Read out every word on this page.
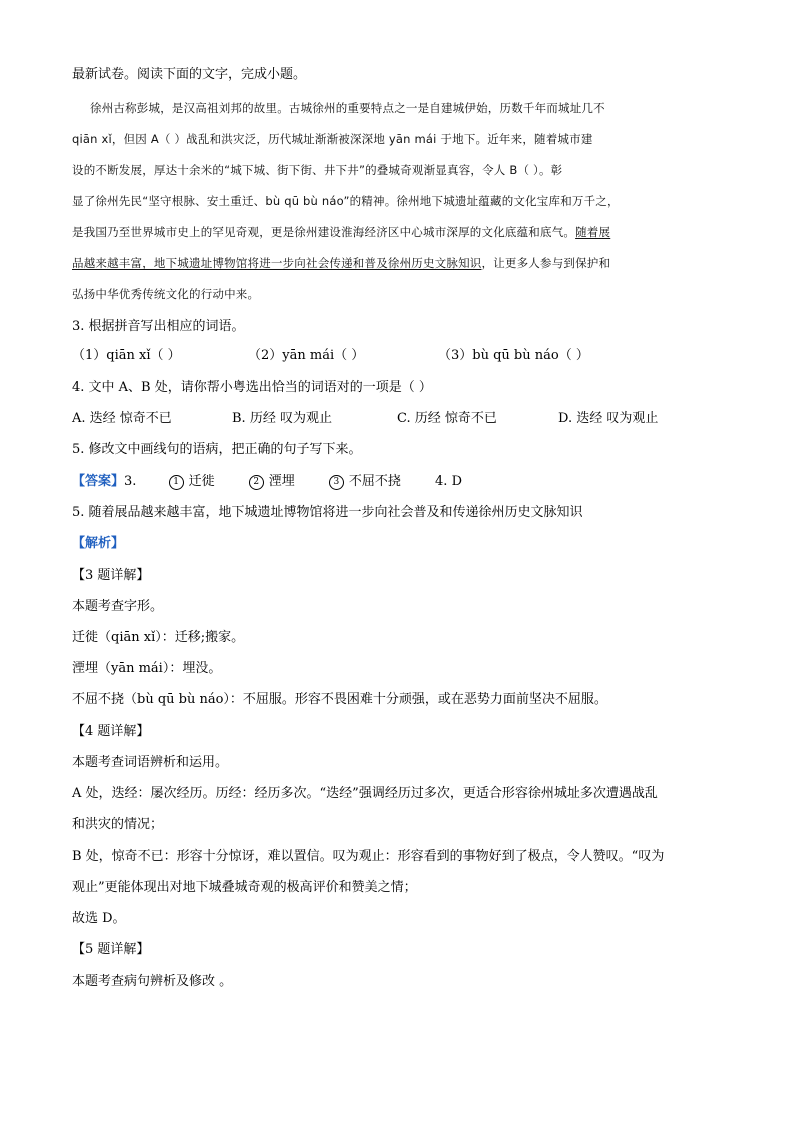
最新试卷。阅读下面的文字，完成小题。
徐州古称彭城，是汉高祖刘邦的故里。古城徐州的重要特点之一是自建城伊始，历数千年而城址几不
qiān xǐ，但因 A（ ）战乱和洪灾泛，历代城址渐渐被深深地 yān mái 于地下。近年来，随着城市建
设的不断发展，厚达十余米的“城下城、街下街、井下井”的叠城奇观渐显真容，令人 B（ ）。彰
显了徐州先民“坚守根脉、安土重迁、bù qū bù náo”的精神。徐州地下城遗址蕴藏的文化宝库和万千之，
是我国乃至世界城市史上的罕见奇观，更是徐州建设淮海经济区中心城市深厚的文化底蕴和底气。随着展
品越来越丰富，地下城遗址博物馆将进一步向社会传递和普及徐州历史文脉知识，让更多人参与到保护和
弘扬中华优秀传统文化的行动中来。
3. 根据拼音写出相应的词语。
（1）qiān xǐ（ ）	（2）yān mái（ ）	（3）bù qū bù náo（ ）
4. 文中 A、B 处，请你帮小粤选出恰当的词语对的一项是（ ）
A. 迭经 惊奇不已	B. 历经 叹为观止	C. 历经 惊奇不已	D. 迭经 叹为观止
5. 修改文中画线句的语病，把正确的句子写下来。
【答案】3.	1 迁徙	2 湮埋	3 不屈不挠	4. D
5. 随着展品越来越丰富，地下城遗址博物馆将进一步向社会普及和传递徐州历史文脉知识
【解析】
【3 题详解】
本题考查字形。
迁徙（qiān xǐ）：迁移;搬家。
湮埋（yān mái）：埋没。
不屈不挠（bù qū bù náo）：不屈服。形容不畏困难十分顽强，或在恶势力面前坚决不屈服。
【4 题详解】
本题考查词语辨析和运用。
A 处，迭经：屡次经历。历经：经历多次。“迭经”强调经历过多次，更适合形容徐州城址多次遭遇战乱
和洪灾的情况；
B 处，惊奇不已：形容十分惊讶，难以置信。叹为观止：形容看到的事物好到了极点，令人赞叹。“叹为
观止”更能体现出对地下城叠城奇观的极高评价和赞美之情；
故选 D。
【5 题详解】
本题考查病句辨析及修改 。
